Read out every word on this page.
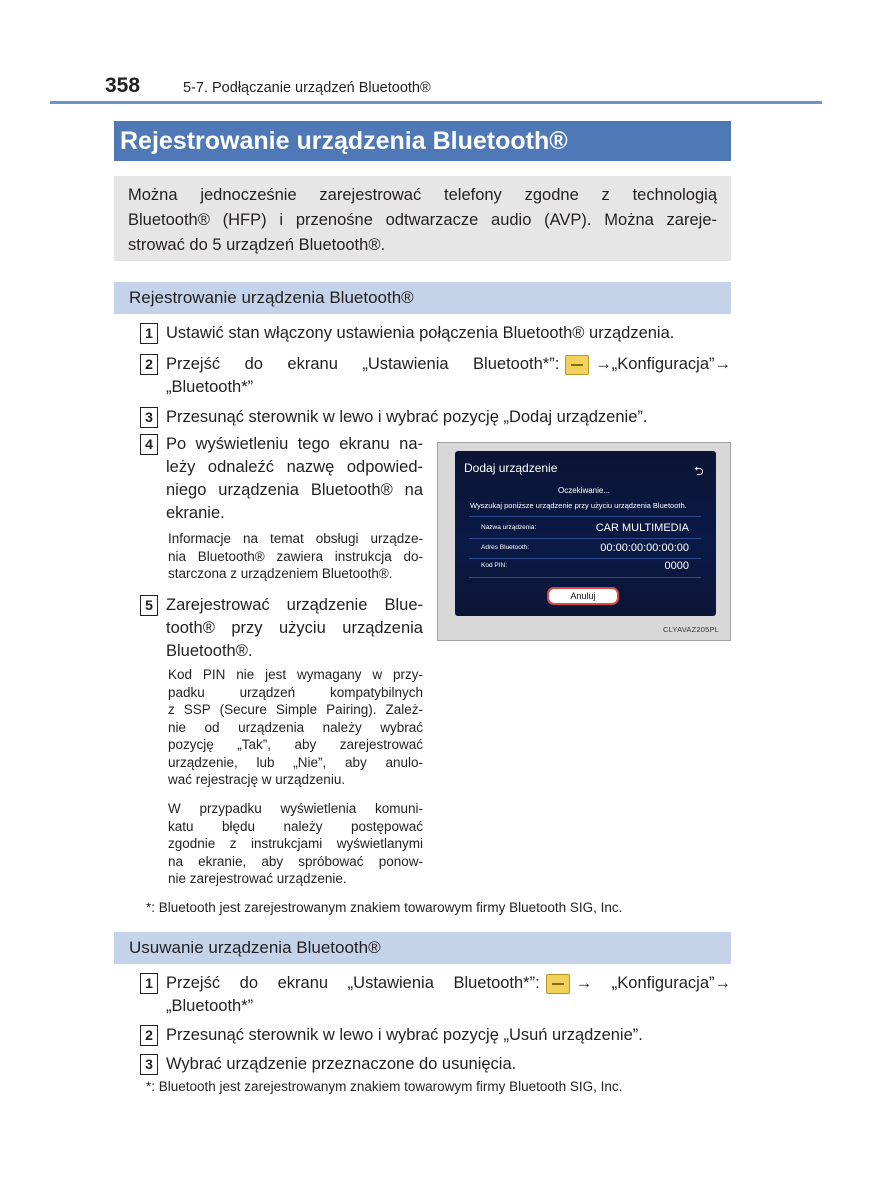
358	5-7. Podłączanie urządzeń Bluetooth®
Rejestrowanie urządzenia Bluetooth®
Można jednocześnie zarejestrować telefony zgodne z technologią
Bluetooth® (HFP) i przenośne odtwarzacze audio (AVP). Można zareje-
strować do 5 urządzeń Bluetooth®.
Rejestrowanie urządzenia Bluetooth®
1 Ustawić stan włączony ustawienia połączenia Bluetooth® urządzenia.
2 Przejść do ekranu „Ustawienia Bluetooth*”: →„Konfiguracja”→
„Bluetooth*”
3 Przesunąć sterownik w lewo i wybrać pozycję „Dodaj urządzenie”.
4 Po wyświetleniu tego ekranu na-
leży odnaleźć nazwę odpowied-
niego urządzenia Bluetooth® na
ekranie.
Informacje na temat obsługi urządze-
nia Bluetooth® zawiera instrukcja do-
starczona z urządzeniem Bluetooth®.
5 Zarejestrować urządzenie Blue-
tooth® przy użyciu urządzenia
Bluetooth®.
Kod PIN nie jest wymagany w przy-
padku urządzeń kompatybilnych
z SSP (Secure Simple Pairing). Zależ-
nie od urządzenia należy wybrać
pozycję „Tak”, aby zarejestrować
urządzenie, lub „Nie”, aby anulo-
wać rejestrację w urządzeniu.
W przypadku wyświetlenia komuni-
katu błędu należy postępować
zgodnie z instrukcjami wyświetlanymi
na ekranie, aby spróbować ponow-
nie zarejestrować urządzenie.
*: Bluetooth jest zarejestrowanym znakiem towarowym firmy Bluetooth SIG, Inc.
Dodaj urządzenie	⮌
Oczekiwanie...
Wyszukaj poniższe urządzenie przy użyciu urządzenia Bluetooth.
Nazwa urządzenia:	CAR MULTIMEDIA
Adres Bluetooth:	00:00:00:00:00:00
Kod PIN:	0000
Anuluj
CLYAVAZ205PL
Usuwanie urządzenia Bluetooth®
1 Przejść do ekranu „Ustawienia Bluetooth*”: → „Konfiguracja”→
„Bluetooth*”
2 Przesunąć sterownik w lewo i wybrać pozycję „Usuń urządzenie”.
3 Wybrać urządzenie przeznaczone do usunięcia.
*: Bluetooth jest zarejestrowanym znakiem towarowym firmy Bluetooth SIG, Inc.
